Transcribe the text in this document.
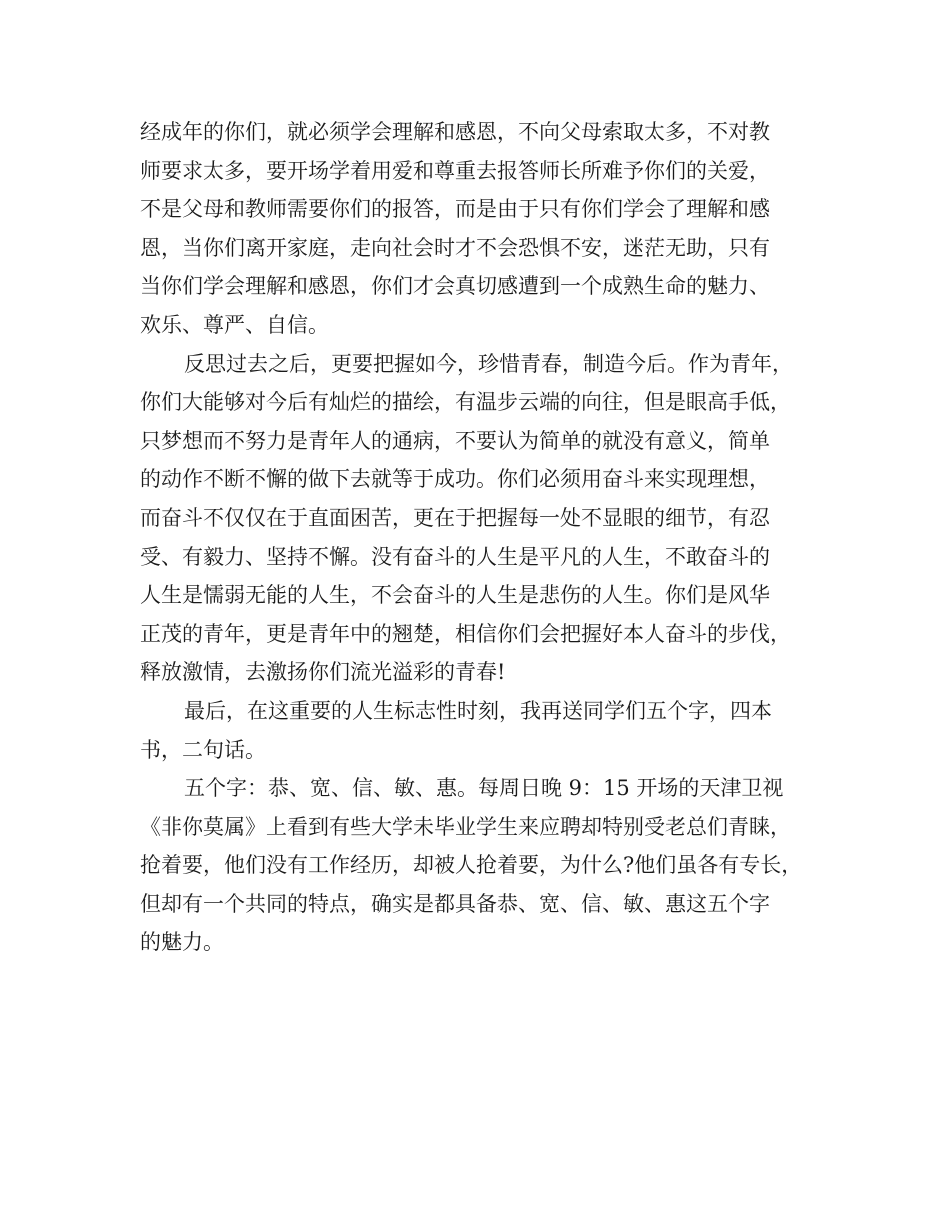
经成年的你们，就必须学会理解和感恩，不向父母索取太多，不对教

师要求太多，要开场学着用爱和尊重去报答师长所难予你们的关爱，

不是父母和教师需要你们的报答，而是由于只有你们学会了理解和感

恩，当你们离开家庭，走向社会时才不会恐惧不安，迷茫无助，只有

当你们学会理解和感恩，你们才会真切感遭到一个成熟生命的魅力、

欢乐、尊严、自信。

反思过去之后，更要把握如今，珍惜青春，制造今后。作为青年，

你们大能够对今后有灿烂的描绘，有温步云端的向往，但是眼高手低，

只梦想而不努力是青年人的通病，不要认为简单的就没有意义，简单

的动作不断不懈的做下去就等于成功。你们必须用奋斗来实现理想，

而奋斗不仅仅在于直面困苦，更在于把握每一处不显眼的细节，有忍

受、有毅力、坚持不懈。没有奋斗的人生是平凡的人生，不敢奋斗的

人生是懦弱无能的人生，不会奋斗的人生是悲伤的人生。你们是风华

正茂的青年，更是青年中的翘楚，相信你们会把握好本人奋斗的步伐，

释放激情，去激扬你们流光溢彩的青春!

最后，在这重要的人生标志性时刻，我再送同学们五个字，四本

书，二句话。

五个字：恭、宽、信、敏、惠。每周日晚 9：15 开场的天津卫视

《非你莫属》上看到有些大学未毕业学生来应聘却特别受老总们青睐，

抢着要，他们没有工作经历，却被人抢着要，为什么?他们虽各有专长，

但却有一个共同的特点，确实是都具备恭、宽、信、敏、惠这五个字

的魅力。
